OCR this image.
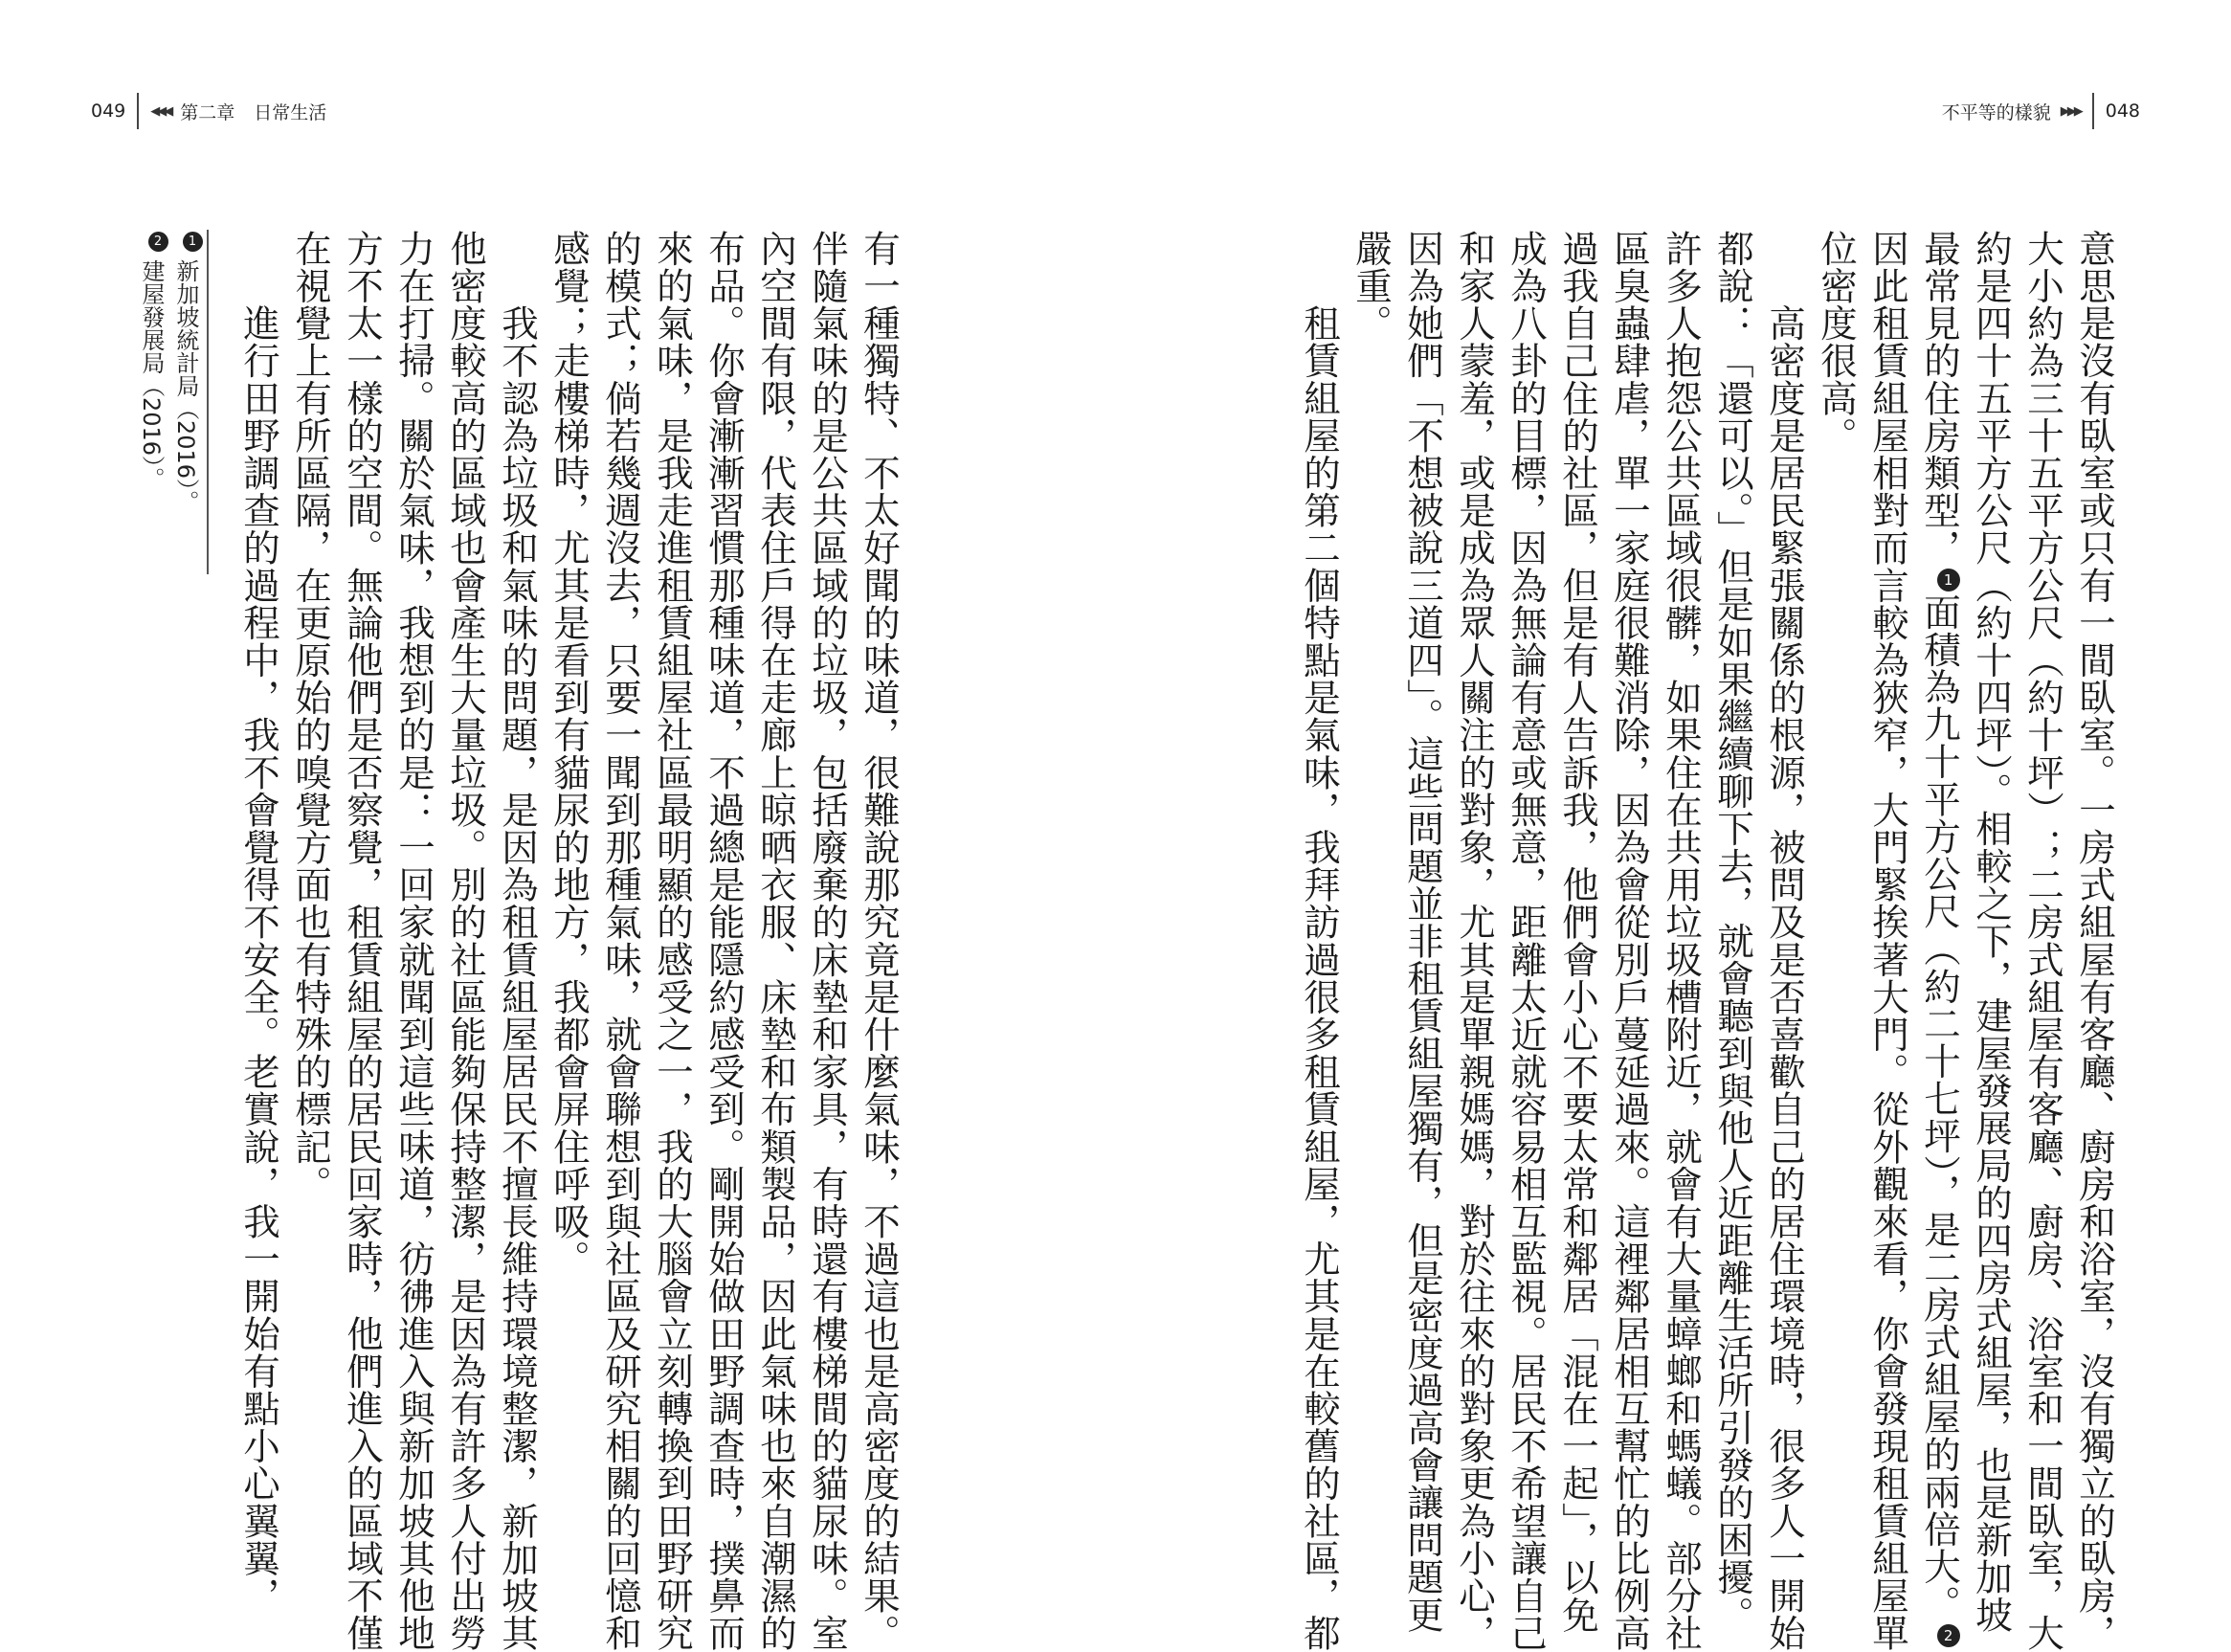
049 ◀◀◀ 第二章 日常生活	不平等的樣貌 ▶▶▶ 048
意思是沒有臥室或只有一間臥室。一房式組屋有客廳、廚房和浴室，沒有獨立的臥房，
大小約為三十五平方公尺（約十坪）；二房式組屋有客廳、廚房、浴室和一間臥室，大
約是四十五平方公尺（約十四坪）。相較之下，建屋發展局的四房式組屋，也是新加坡
最常見的住房類型，1面積為九十平方公尺（約二十七坪），是二房式組屋的兩倍大。2
因此租賃組屋相對而言較為狹窄，大門緊挨著大門。從外觀來看，你會發現租賃組屋單
位密度很高。
　　高密度是居民緊張關係的根源，被問及是否喜歡自己的居住環境時，很多人一開始
都說：「還可以。」但是如果繼續聊下去，就會聽到與他人近距離生活所引發的困擾。
許多人抱怨公共區域很髒，如果住在共用垃圾槽附近，就會有大量蟑螂和螞蟻。部分社
區臭蟲肆虐，單一家庭很難消除，因為會從別戶蔓延過來。這裡鄰居相互幫忙的比例高
過我自己住的社區，但是有人告訴我，他們會小心不要太常和鄰居「混在一起」，以免
成為八卦的目標，因為無論有意或無意，距離太近就容易相互監視。居民不希望讓自己
和家人蒙羞，或是成為眾人關注的對象，尤其是單親媽媽，對於往來的對象更為小心，
因為她們「不想被說三道四」。這些問題並非租賃組屋獨有，但是密度過高會讓問題更
嚴重。
　　租賃組屋的第二個特點是氣味，我拜訪過很多租賃組屋，尤其是在較舊的社區，都
有一種獨特、不太好聞的味道，很難說那究竟是什麼氣味，不過這也是高密度的結果。
伴隨氣味的是公共區域的垃圾，包括廢棄的床墊和家具，有時還有樓梯間的貓尿味。室
內空間有限，代表住戶得在走廊上晾晒衣服、床墊和布類製品，因此氣味也來自潮濕的
布品。你會漸漸習慣那種味道，不過總是能隱約感受到。剛開始做田野調查時，撲鼻而
來的氣味，是我走進租賃組屋社區最明顯的感受之一，我的大腦會立刻轉換到田野研究
的模式；倘若幾週沒去，只要一聞到那種氣味，就會聯想到與社區及研究相關的回憶和
感覺；走樓梯時，尤其是看到有貓尿的地方，我都會屏住呼吸。
　　我不認為垃圾和氣味的問題，是因為租賃組屋居民不擅長維持環境整潔，新加坡其
他密度較高的區域也會產生大量垃圾。別的社區能夠保持整潔，是因為有許多人付出勞
力在打掃。關於氣味，我想到的是：一回家就聞到這些味道，彷彿進入與新加坡其他地
方不太一樣的空間。無論他們是否察覺，租賃組屋的居民回家時，他們進入的區域不僅
在視覺上有所區隔，在更原始的嗅覺方面也有特殊的標記。
　　進行田野調查的過程中，我不會覺得不安全。老實說，我一開始有點小心翼翼，
1新加坡統計局（2016）。
2建屋發展局（2016）。
